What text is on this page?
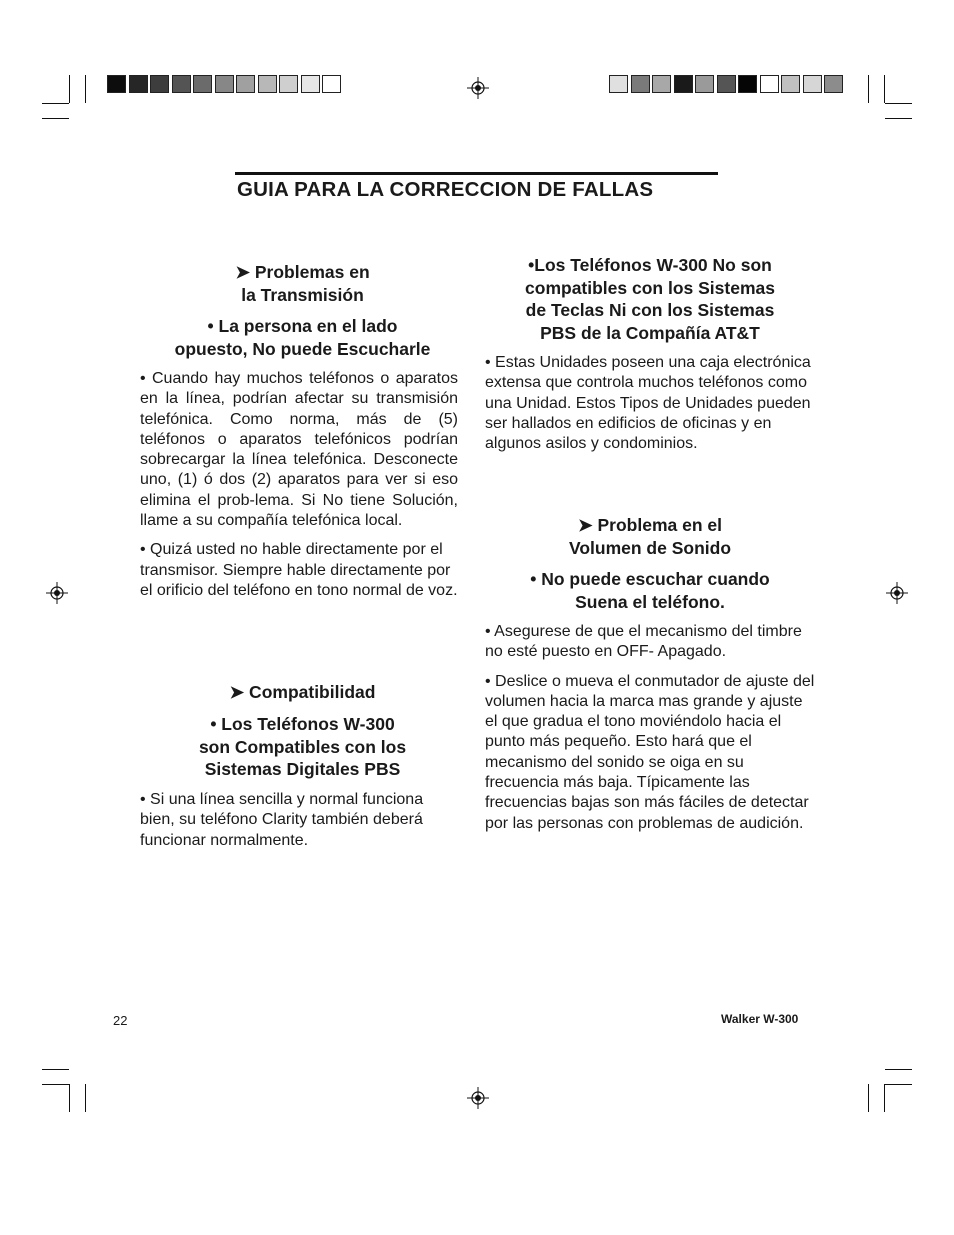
GUIA PARA LA CORRECCION DE FALLAS
➤ Problemas en
la Transmisión
• La persona en el lado
opuesto, No puede Escucharle

• Cuando hay muchos teléfonos o aparatos en la línea, podrían afectar su transmisión telefónica. Como norma, más de (5) teléfonos o aparatos telefónicos podrían sobrecargar la línea telefónica. Desconecte uno, (1) ó dos (2) aparatos para ver si eso elimina el prob-lema. Si No tiene Solución, llame a su compañía telefónica local.

• Quizá usted no hable directamente por el transmisor. Siempre hable directamente por el orificio del teléfono en tono normal de voz.

➤ Compatibilidad
• Los Teléfonos W-300
son Compatibles con los
Sistemas Digitales PBS

• Si una línea sencilla y normal funciona bien, su teléfono Clarity también deberá funcionar normalmente.

•Los Teléfonos W-300 No son
compatibles con los Sistemas
de Teclas Ni con los Sistemas
PBS de la Compañía AT&T

• Estas Unidades poseen una caja electrónica extensa que controla muchos teléfonos como una Unidad. Estos Tipos de Unidades pueden ser hallados en edificios de oficinas y en algunos asilos y condominios.

➤ Problema en el
Volumen de Sonido
• No puede escuchar cuando
Suena el teléfono.

• Asegurese de que el mecanismo del timbre no esté puesto en OFF- Apagado.

• Deslice o mueva el conmutador de ajuste del volumen hacia la marca mas grande y ajuste el que gradua el tono moviéndolo hacia el punto más pequeño. Esto hará que el mecanismo del sonido se oiga en su frecuencia más baja. Típicamente las frecuencias bajas son más fáciles de detectar por las personas con problemas de audición.

22	Walker W-300
